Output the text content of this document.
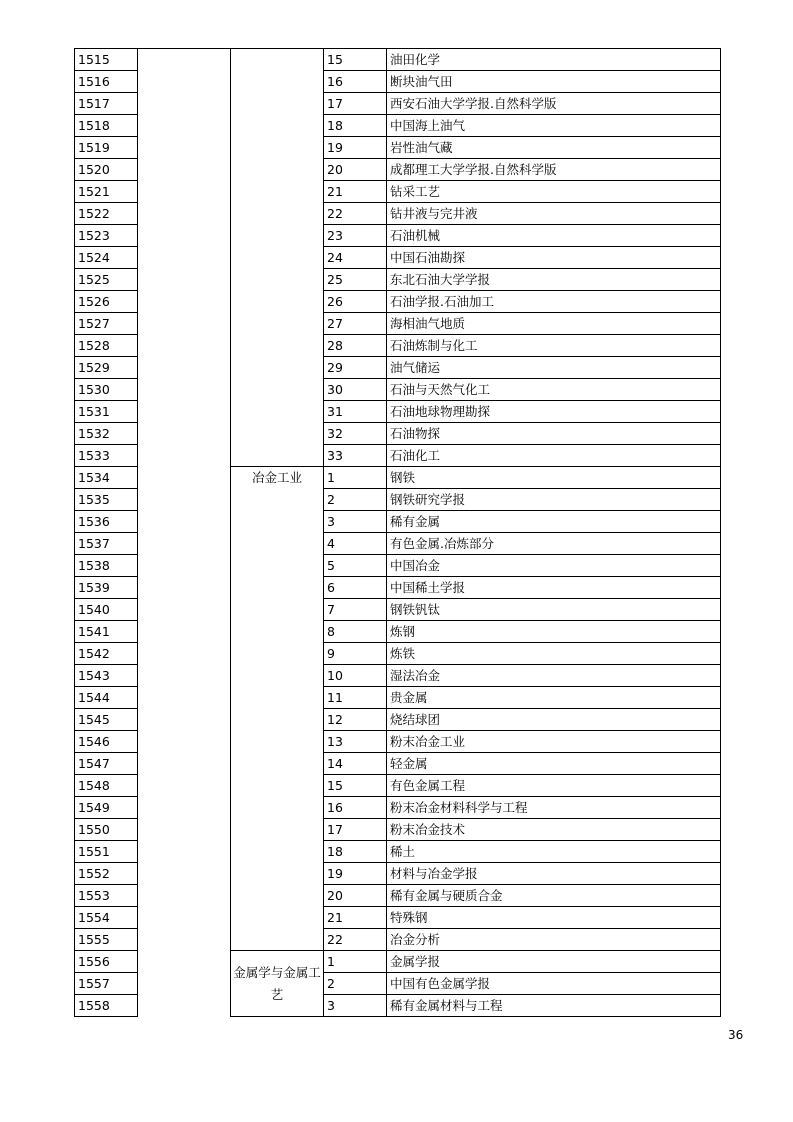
1515			15	油田化学
1516			16	断块油气田
1517			17	西安石油大学学报.自然科学版
1518			18	中国海上油气
1519			19	岩性油气藏
1520			20	成都理工大学学报.自然科学版
1521			21	钻采工艺
1522			22	钻井液与完井液
1523			23	石油机械
1524			24	中国石油勘探
1525			25	东北石油大学学报
1526			26	石油学报.石油加工
1527			27	海相油气地质
1528			28	石油炼制与化工
1529			29	油气储运
1530			30	石油与天然气化工
1531			31	石油地球物理勘探
1532			32	石油物探
1533			33	石油化工
1534		冶金工业	1	钢铁
1535			2	钢铁研究学报
1536			3	稀有金属
1537			4	有色金属.冶炼部分
1538			5	中国冶金
1539			6	中国稀土学报
1540			7	钢铁钒钛
1541			8	炼钢
1542			9	炼铁
1543			10	湿法冶金
1544			11	贵金属
1545			12	烧结球团
1546			13	粉末冶金工业
1547			14	轻金属
1548			15	有色金属工程
1549			16	粉末冶金材料科学与工程
1550			17	粉末冶金技术
1551			18	稀土
1552			19	材料与冶金学报
1553			20	稀有金属与硬质合金
1554			21	特殊钢
1555			22	冶金分析
1556		金属学与金属工艺	1	金属学报
1557			2	中国有色金属学报
1558			3	稀有金属材料与工程
36
